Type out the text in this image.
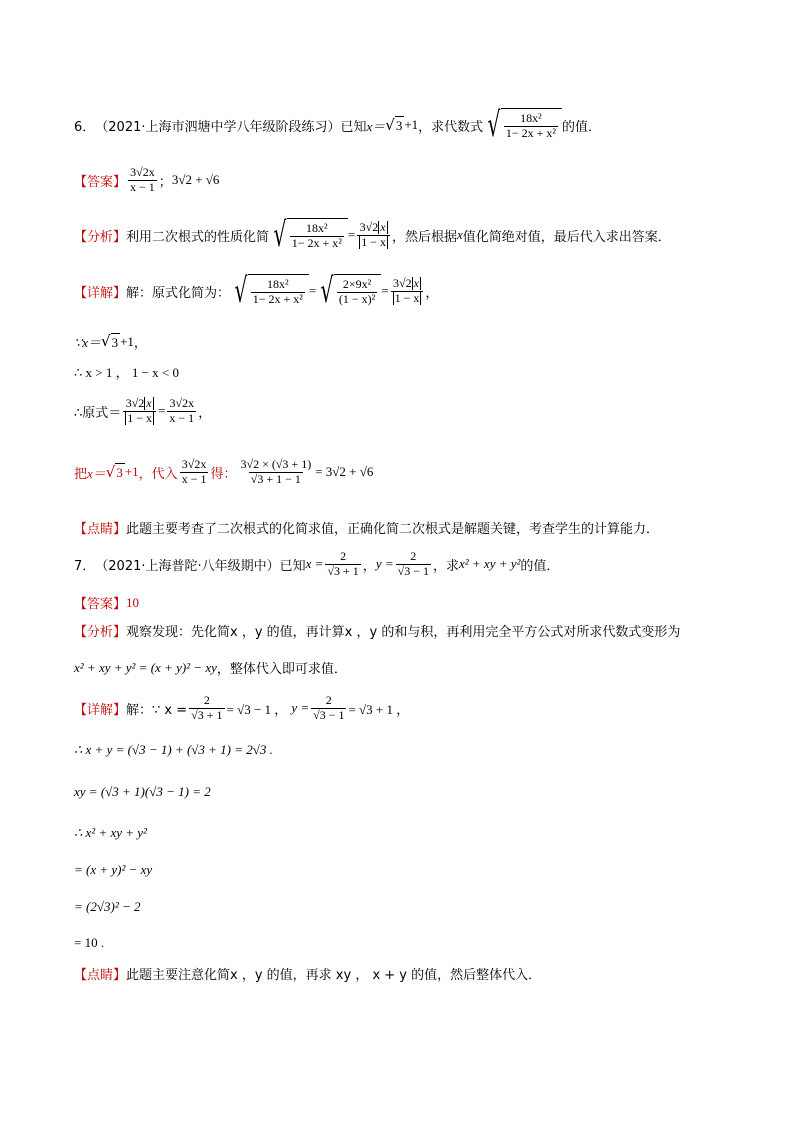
6． （2021·上海市泗塘中学八年级阶段练习）已知 x＝ √ 3 +1 ，求代数式 √ $\frac{\text{18x²}}{\text{1− 2x + x²}}$ 的值．
【答案】 $\frac{3√2x}{x - 1}$ ； 3√2 + √6
【分析】 利用二次根式的性质化简 √ $\frac{\text{18x²}}{\text{1− 2x + x²}} = \frac{3√2 x}{1 - x}$ ，然后根据 x 值化简绝对值，最后代入求出答案．
【详解】 解：原式化简为： √ $\frac{\text{18x²}}{\text{1− 2x + x²}}$ = √ $\frac{\text{2×9x²}}{\text{(1 − x)²}} = \frac{3√2 x}{1 - x}$ ，
∵x＝ √ 3 +1 ，
∴ x > 1 ， 1 − x < 0
∴原式＝ $\frac{3√2 x}{1 - x} = \frac{3√2x}{x - 1}$ ，
把 x＝ √ 3 +1 ，代入 $\frac{3√2x}{x - 1}$ 得： $\frac{3√2 \times (√3 + 1)}{√3 + 1 - 1} = 3√2 + √6$
【点睛】 此题主要考查了二次根式的化简求值，正确化简二次根式是解题关键，考查学生的计算能力．
7． （2021·上海普陀·八年级期中）已知 $x = \frac{2}{√3 + 1}$ ， $y = \frac{2}{√3 - 1}$ ，求 x² + xy + y² 的值．
【答案】 10
【分析】 观察发现：先化简x ，y 的值，再计算x ，y 的和与积，再利用完全平方公式对所求代数式变形为
x² + xy + y² = (x + y)² − xy ，整体代入即可求值．
【详解】 解：∵ $x = \frac{2}{√3 + 1} = √3 - 1$ ， $y = \frac{2}{√3 - 1} = √3 + 1$ ，
∴ x + y = (√3 − 1) + (√3 + 1) = 2√3 .
xy = (√3 + 1)(√3 − 1) = 2
∴ x² + xy + y²
= (x + y)² − xy
= (2√3)² − 2
= 10 .
【点睛】 此题主要注意化简x ，y 的值，再求 xy ， x + y 的值，然后整体代入．
